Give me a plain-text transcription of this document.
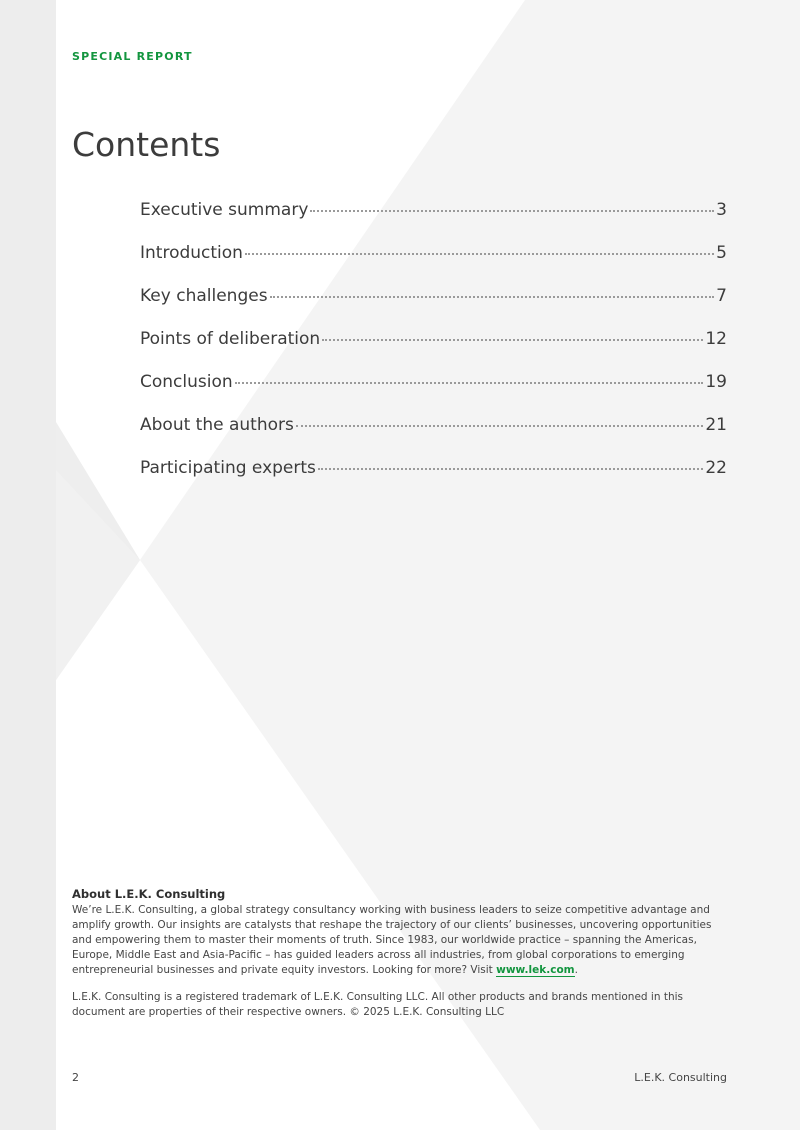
SPECIAL REPORT
Contents
Executive summary	3
Introduction	5
Key challenges	7
Points of deliberation	12
Conclusion	19
About the authors	21
Participating experts	22
About L.E.K. Consulting
We’re L.E.K. Consulting, a global strategy consultancy working with business leaders to seize competitive advantage and amplify growth. Our insights are catalysts that reshape the trajectory of our clients’ businesses, uncovering opportunities and empowering them to master their moments of truth. Since 1983, our worldwide practice – spanning the Americas, Europe, Middle East and Asia-Pacific – has guided leaders across all industries, from global corporations to emerging entrepreneurial businesses and private equity investors. Looking for more? Visit www.lek.com.
L.E.K. Consulting is a registered trademark of L.E.K. Consulting LLC. All other products and brands mentioned in this document are properties of their respective owners. © 2025 L.E.K. Consulting LLC
2	L.E.K. Consulting
